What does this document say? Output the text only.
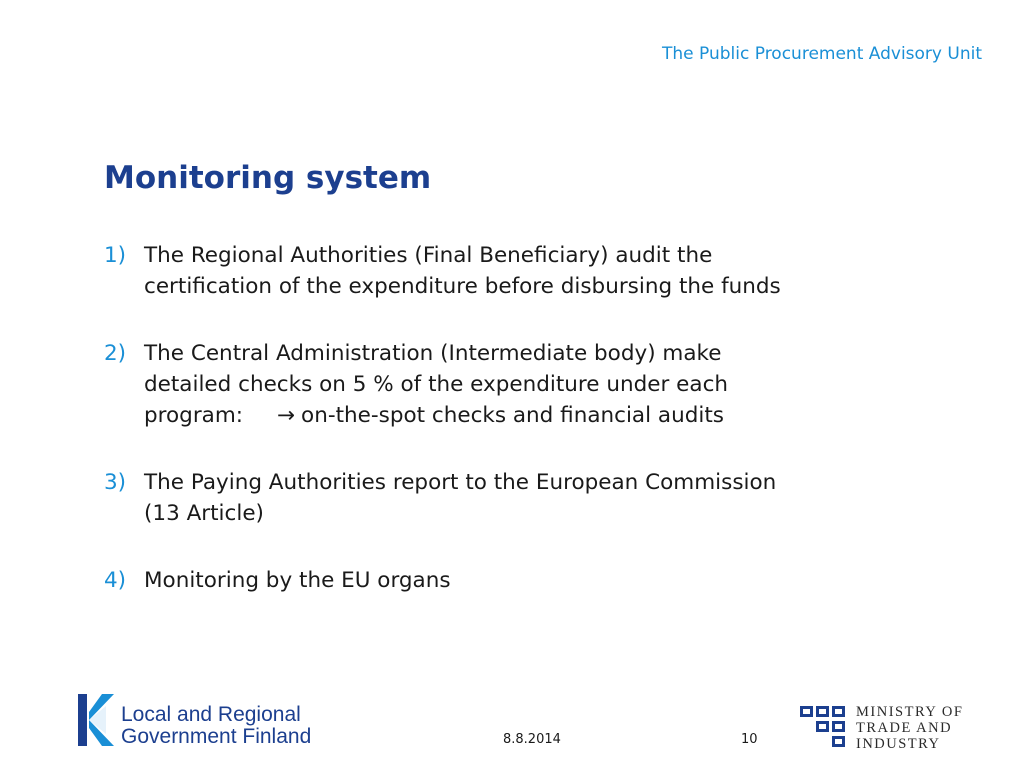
The Public Procurement Advisory Unit
Monitoring system
1) The Regional Authorities (Final Beneficiary) audit the certification of the expenditure before disbursing the funds
2) The Central Administration (Intermediate body) make detailed checks on 5 % of the expenditure under each program: → on-the-spot checks and financial audits
3) The Paying Authorities report to the European Commission (13 Article)
4) Monitoring by the EU organs
Local and Regional
Government Finland	8.8.2014	10
MINISTRY OF
TRADE AND
INDUSTRY
